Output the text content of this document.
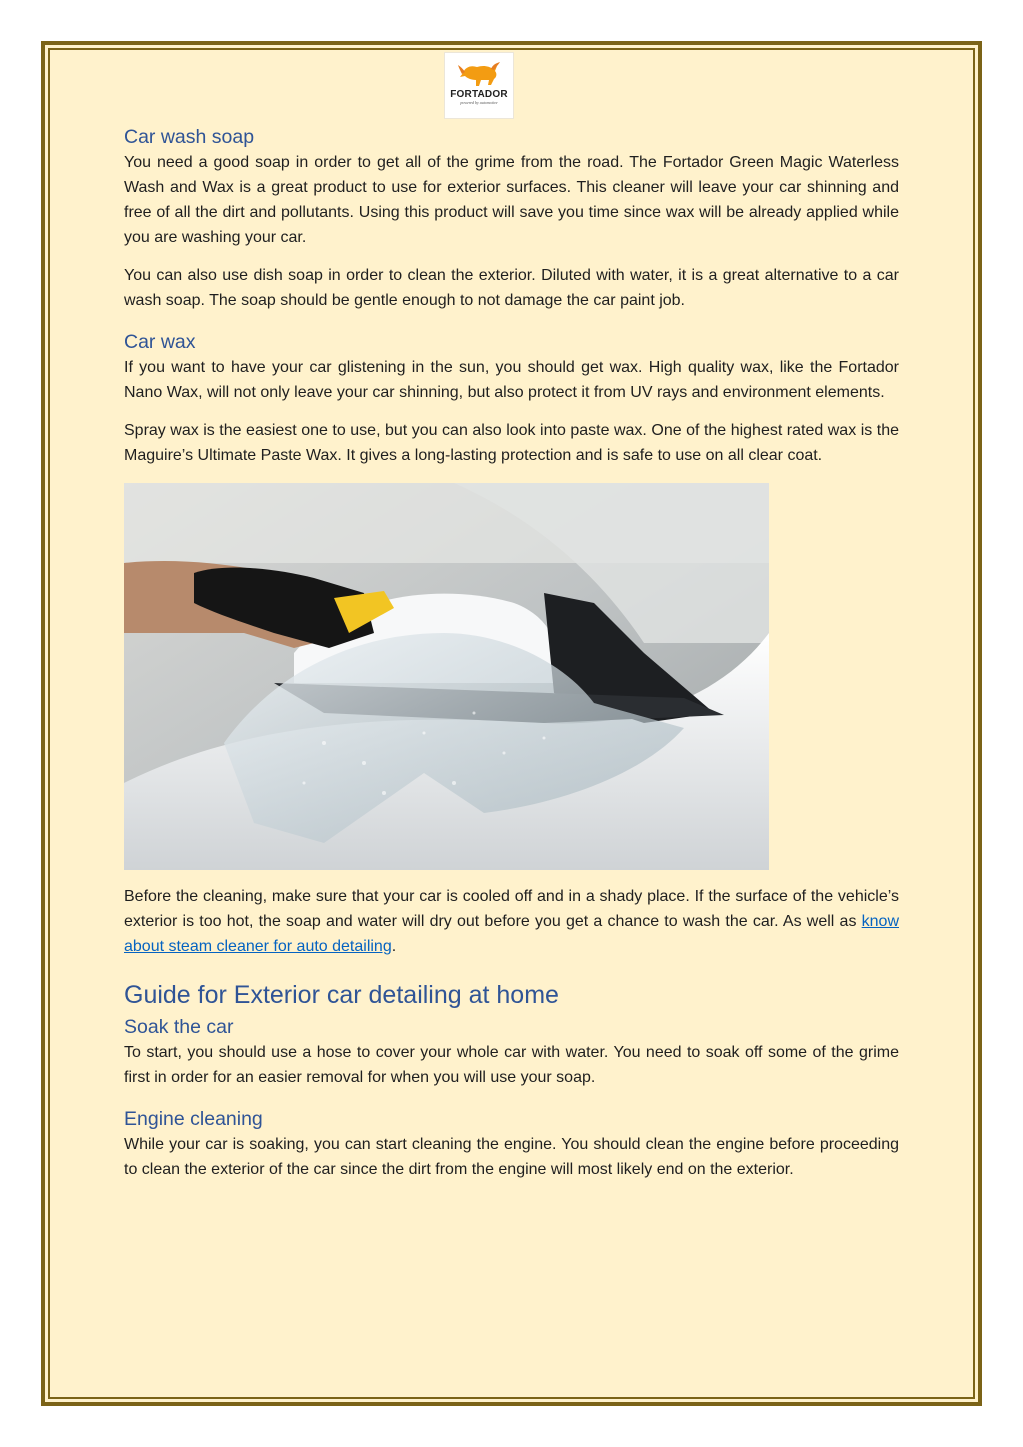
FORTADOR
powered by automotive
Car wash soap

You need a good soap in order to get all of the grime from the road. The Fortador Green Magic Waterless Wash and Wax is a great product to use for exterior surfaces. This cleaner will leave your car shinning and free of all the dirt and pollutants. Using this product will save you time since wax will be already applied while you are washing your car.

You can also use dish soap in order to clean the exterior. Diluted with water, it is a great alternative to a car wash soap. The soap should be gentle enough to not damage the car paint job.

Car wax

If you want to have your car glistening in the sun, you should get wax. High quality wax, like the Fortador Nano Wax, will not only leave your car shinning, but also protect it from UV rays and environment elements.

Spray wax is the easiest one to use, but you can also look into paste wax. One of the highest rated wax is the Maguire’s Ultimate Paste Wax. It gives a long-lasting protection and is safe to use on all clear coat.

Before the cleaning, make sure that your car is cooled off and in a shady place. If the surface of the vehicle’s exterior is too hot, the soap and water will dry out before you get a chance to wash the car. As well as know about steam cleaner for auto detailing.

Guide for Exterior car detailing at home
Soak the car

To start, you should use a hose to cover your whole car with water. You need to soak off some of the grime first in order for an easier removal for when you will use your soap.

Engine cleaning

While your car is soaking, you can start cleaning the engine. You should clean the engine before proceeding to clean the exterior of the car since the dirt from the engine will most likely end on the exterior.
